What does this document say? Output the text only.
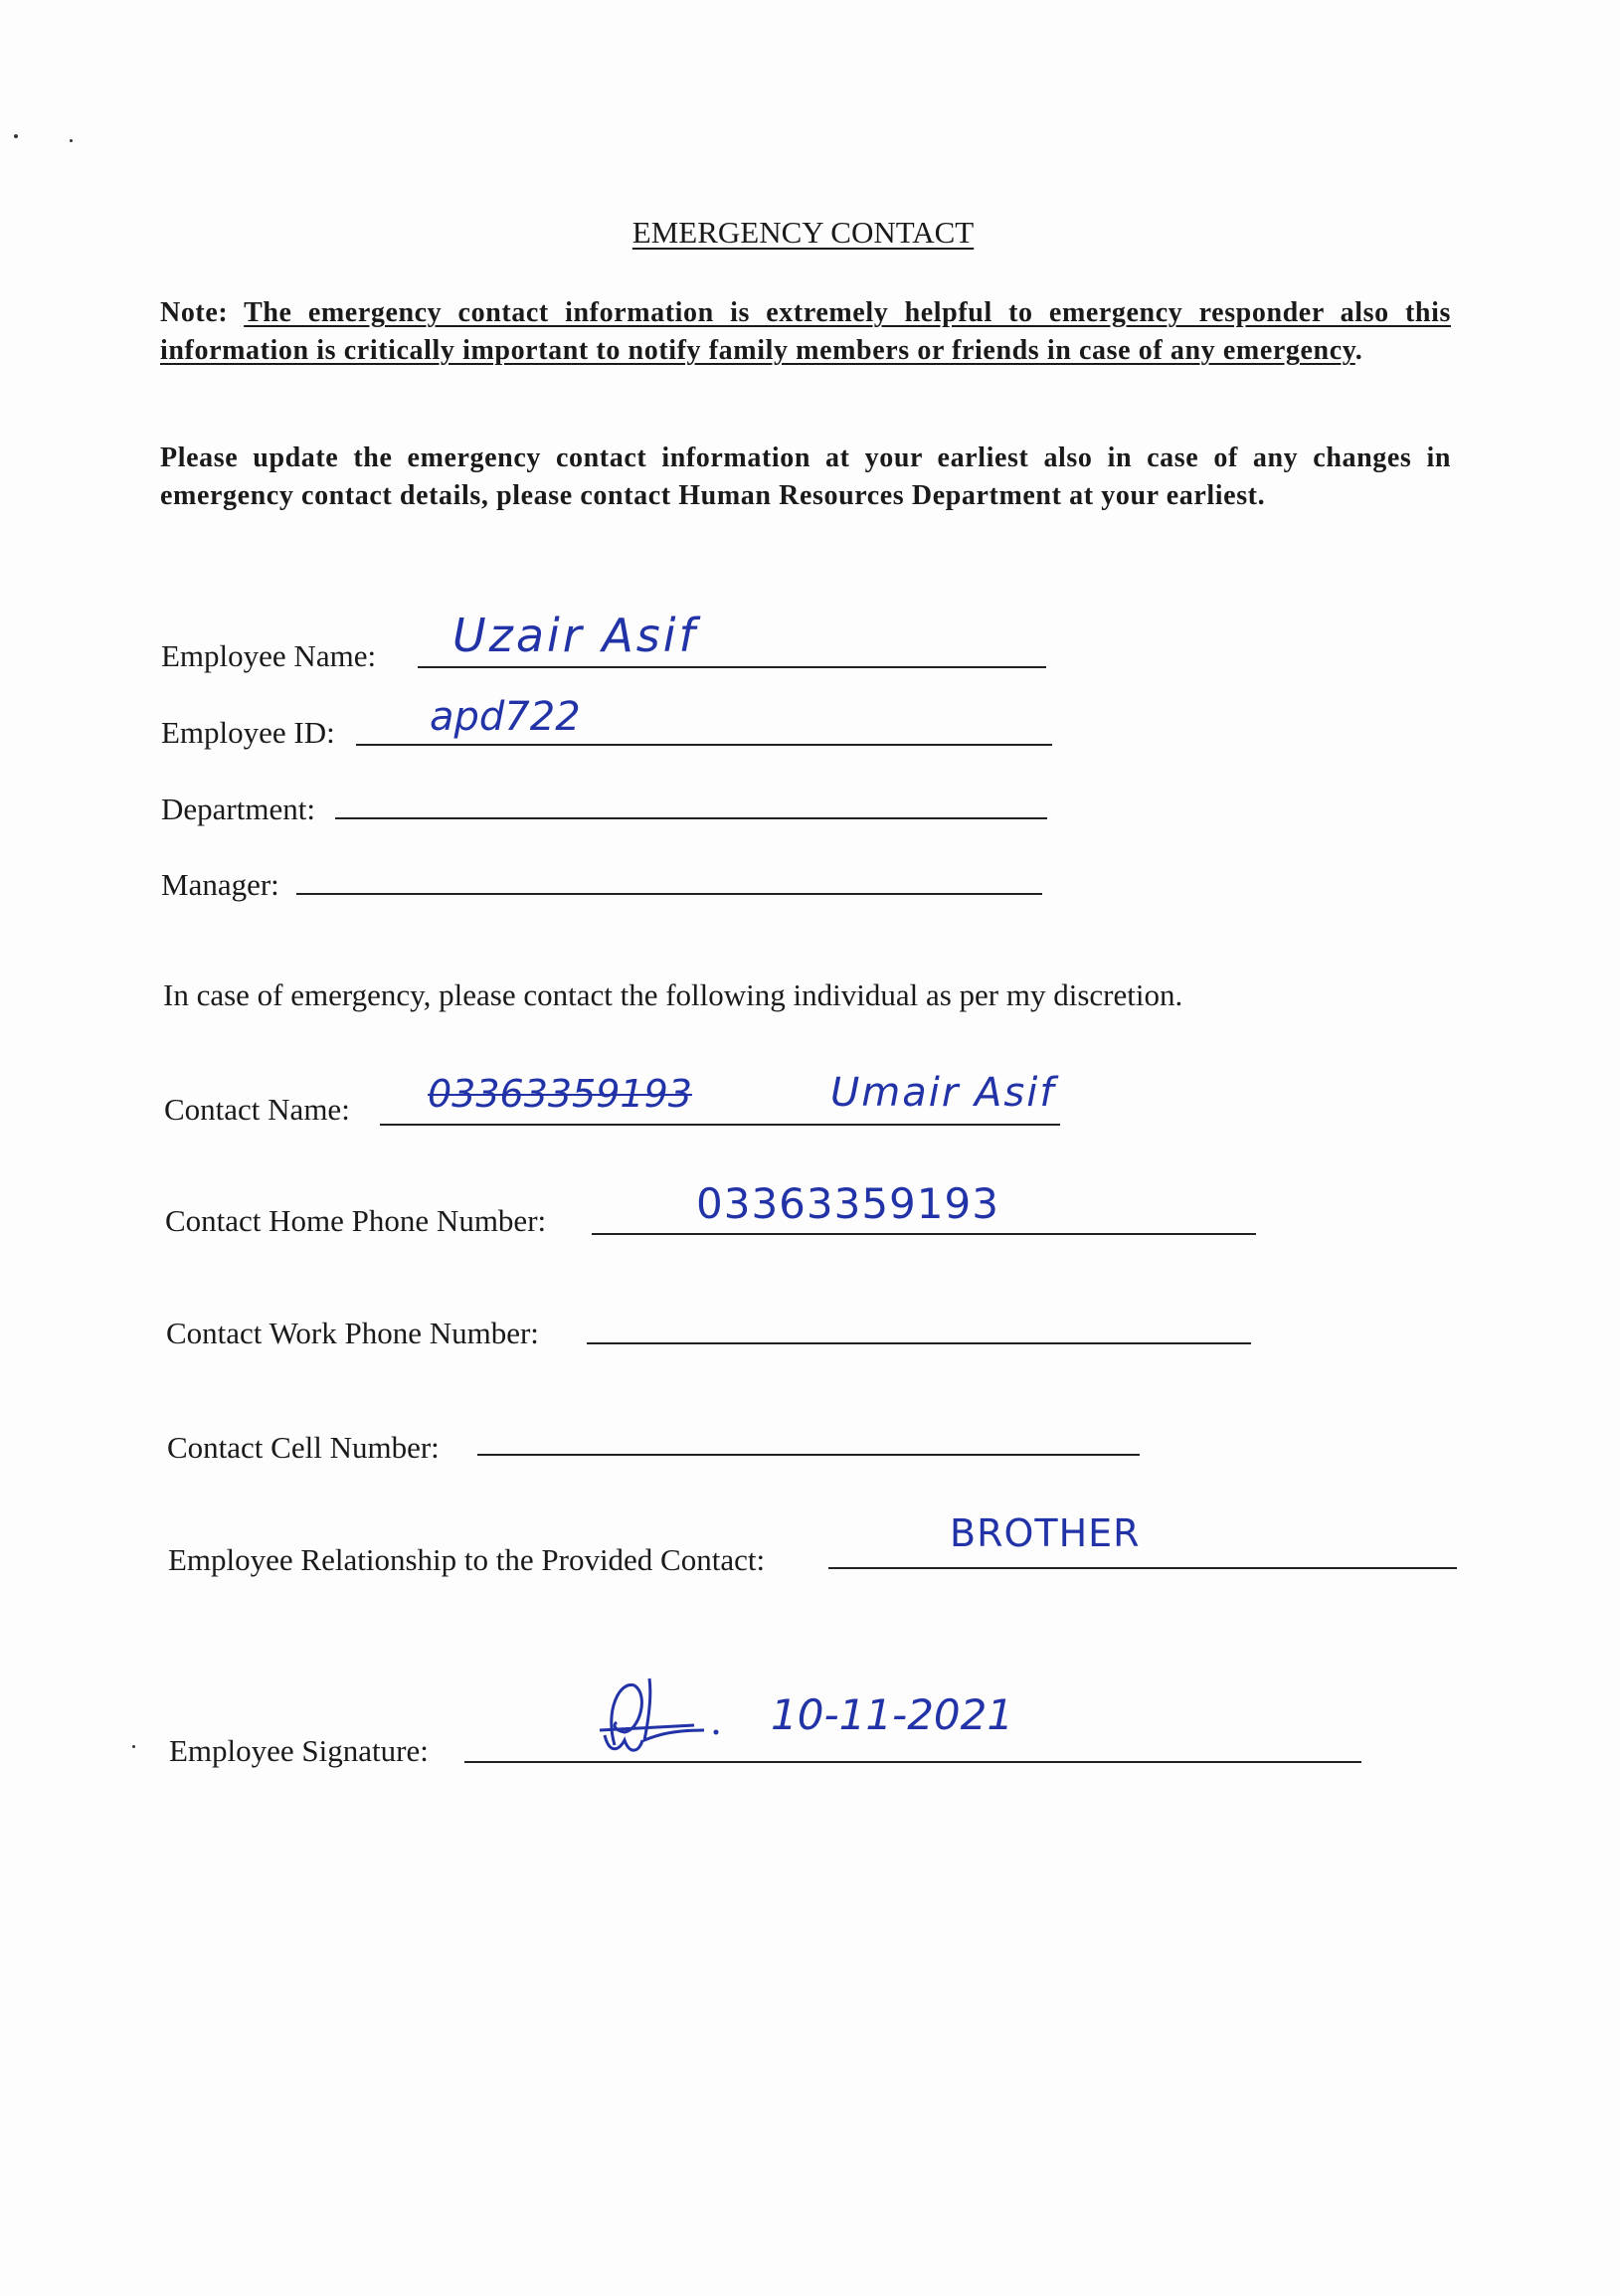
EMERGENCY CONTACT
Note: The emergency contact information is extremely helpful to emergency responder also this information is critically important to notify family members or friends in case of any emergency.
Please update the emergency contact information at your earliest also in case of any changes in emergency contact details, please contact Human Resources Department at your earliest.
Employee Name: Uzair Asif
Employee ID: apd722
Department:
Manager:
In case of emergency, please contact the following individual as per my discretion.
Contact Name: 03363359193	Umair Asif
Contact Home Phone Number:	03363359193
Contact Work Phone Number:
Contact Cell Number:
Employee Relationship to the Provided Contact:
BROTHER
Employee Signature:
10-11-2021
